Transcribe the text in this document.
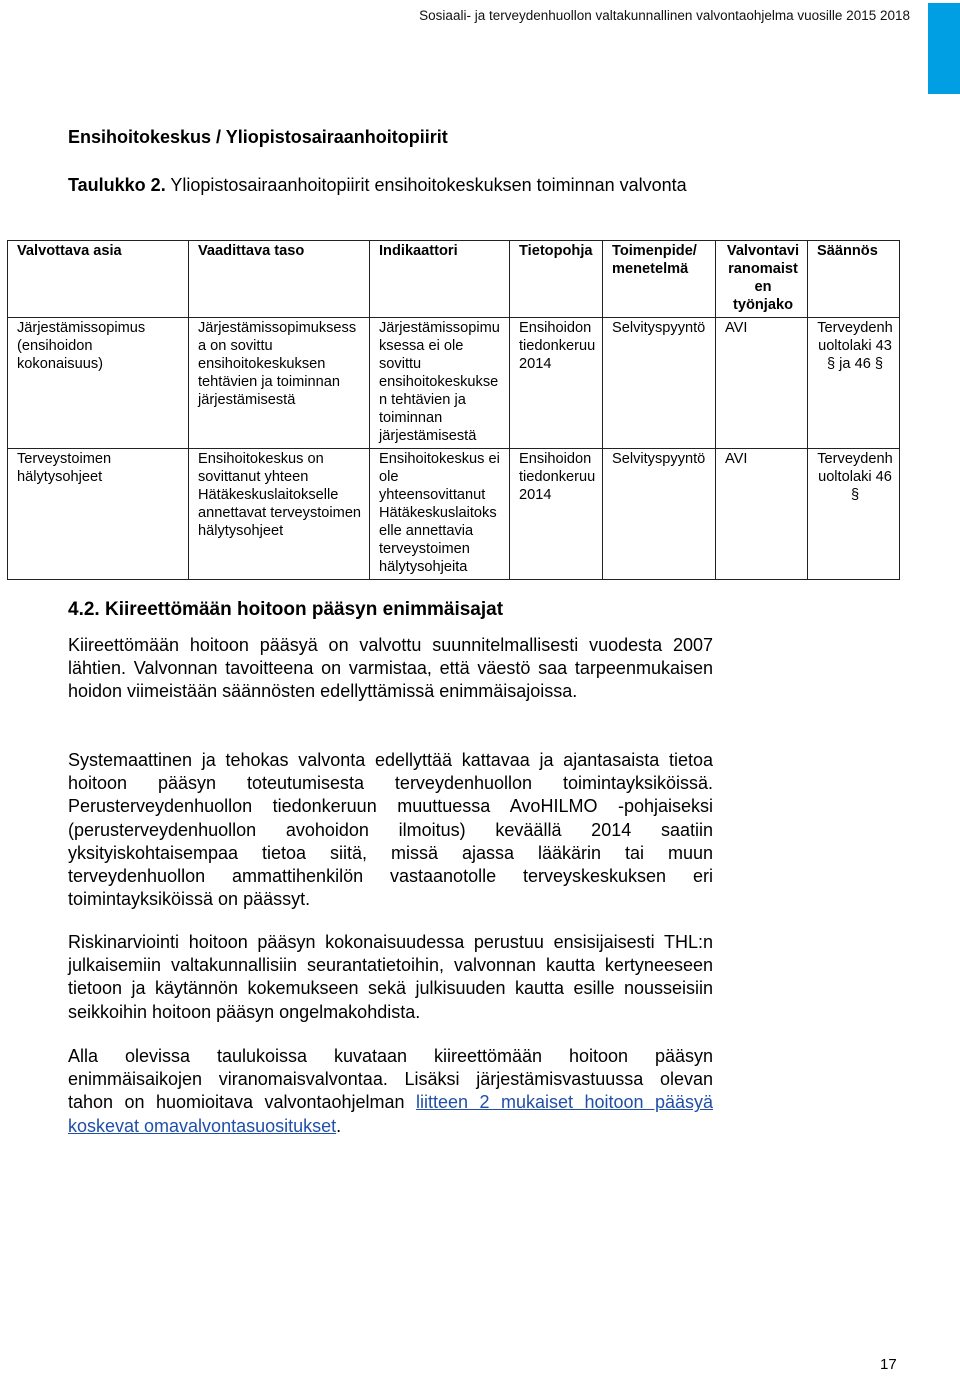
Sosiaali- ja terveydenhuollon valtakunnallinen valvontaohjelma vuosille 2015 2018
Ensihoitokeskus / Yliopistosairaanhoitopiirit
Taulukko 2. Yliopistosairaanhoitopiirit ensihoitokeskuksen toiminnan valvonta
Valvottava asia	Vaadittava taso	Indikaattori	Tietopohja	Toimenpide/ menetelmä	Valvontaviranomaisten työnjako	Säännös
Järjestämissopimus (ensihoidon kokonaisuus)	Järjestämissopimuksessa on sovittu ensihoitokeskuksen tehtävien ja toiminnan järjestämisestä	Järjestämissopimuksessa ei ole sovittu ensihoitokeskuksen tehtävien ja toiminnan järjestämisestä	Ensihoidon tiedonkeruu 2014	Selvityspyyntö	AVI	Terveydenhuoltolaki 43 § ja 46 §
Terveystoimen hälytysohjeet	Ensihoitokeskus on sovittanut yhteen Hätäkeskuslaitokselle annettavat terveystoimen hälytysohjeet	Ensihoitokeskus ei ole yhteensovittanut Hätäkeskuslaitokselle annettavia terveystoimen hälytysohjeita	Ensihoidon tiedonkeruu 2014	Selvityspyyntö	AVI	Terveydenhuoltolaki 46 §
4.2. Kiireettömään hoitoon pääsyn enimmäisajat

Kiireettömään hoitoon pääsyä on valvottu suunnitelmallisesti vuodesta 2007 lähtien. Valvonnan tavoitteena on varmistaa, että väestö saa tarpeenmukaisen hoidon viimeistään säännösten edellyttämissä enimmäisajoissa.

Systemaattinen ja tehokas valvonta edellyttää kattavaa ja ajantasaista tietoa hoitoon pääsyn toteutumisesta terveydenhuollon toimintayksiköissä. Perusterveydenhuollon tiedonkeruun muuttuessa AvoHILMO -pohjaiseksi (perusterveydenhuollon avohoidon ilmoitus) keväällä 2014 saatiin yksityiskohtaisempaa tietoa siitä, missä ajassa lääkärin tai muun terveydenhuollon ammattihenkilön vastaanotolle terveyskeskuksen eri toimintayksiköissä on päässyt.

Riskinarviointi hoitoon pääsyn kokonaisuudessa perustuu ensisijaisesti THL:n julkaisemiin valtakunnallisiin seurantatietoihin, valvonnan kautta kertyneeseen tietoon ja käytännön kokemukseen sekä julkisuuden kautta esille nousseisiin seikkoihin hoitoon pääsyn ongelmakohdista.

Alla olevissa taulukoissa kuvataan kiireettömään hoitoon pääsyn enimmäisaikojen viranomaisvalvontaa. Lisäksi järjestämisvastuussa olevan tahon on huomioitava valvontaohjelman liitteen 2 mukaiset hoitoon pääsyä koskevat omavalvontasuositukset.

17
